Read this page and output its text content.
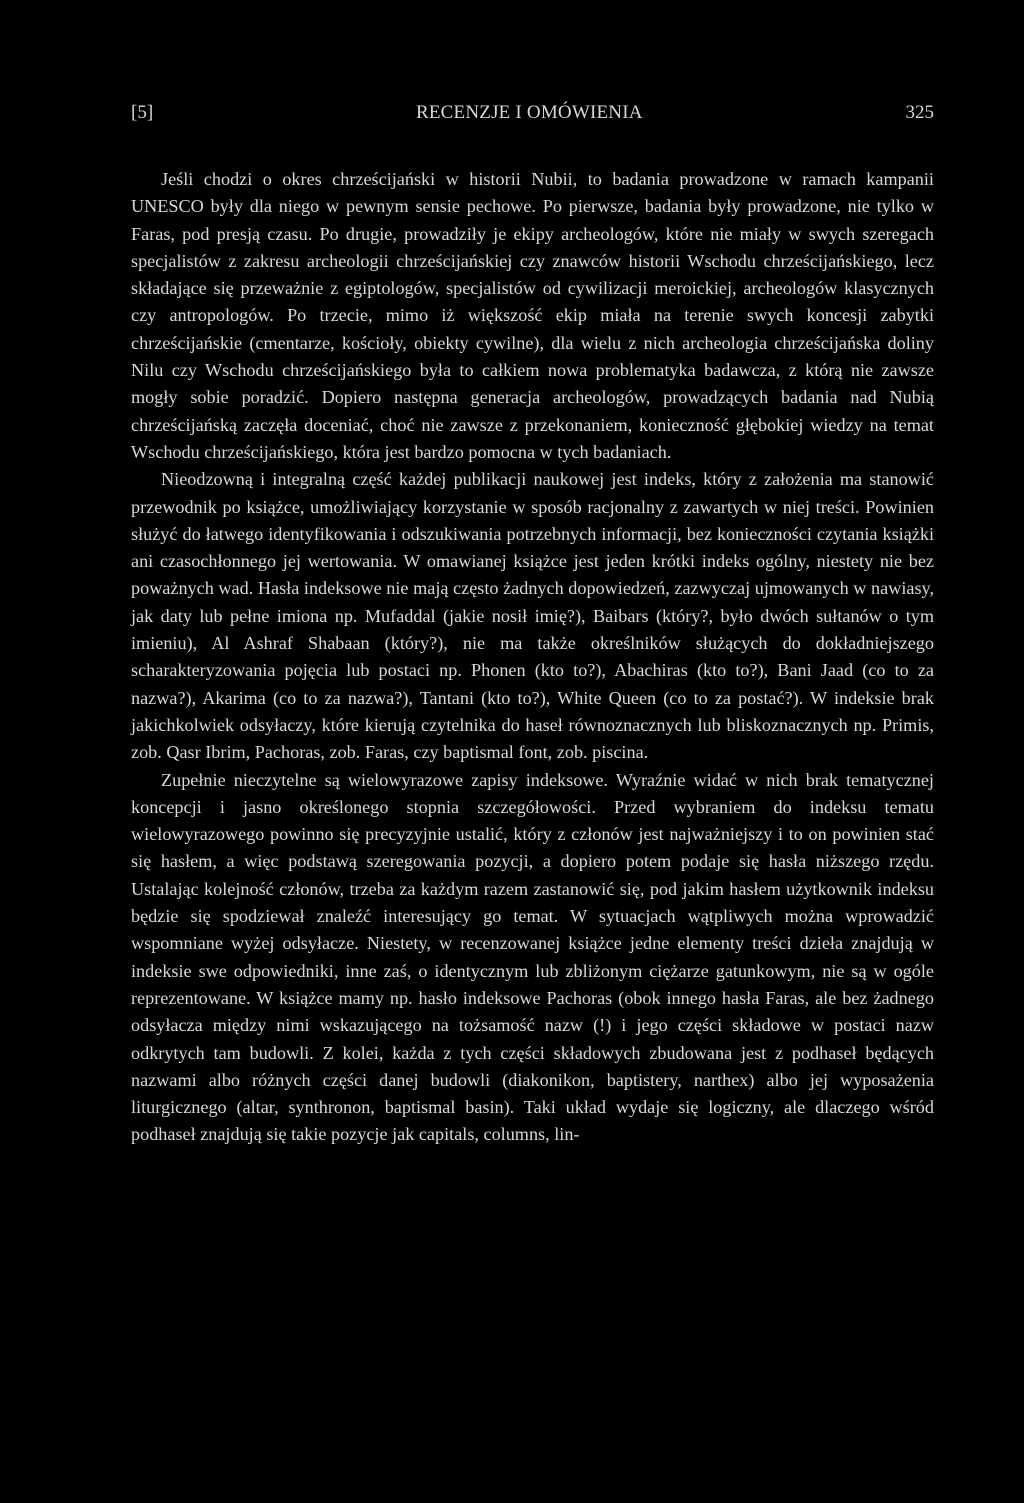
[5]	RECENZJE I OMÓWIENIA	325

Jeśli chodzi o okres chrześcijański w historii Nubii, to badania prowadzone w ramach kampanii UNESCO były dla niego w pewnym sensie pechowe. Po pierwsze, badania były prowadzone, nie tylko w Faras, pod presją czasu. Po drugie, prowadziły je ekipy archeologów, które nie miały w swych szeregach specjalistów z zakresu archeologii chrześcijańskiej czy znawców historii Wschodu chrześcijańskiego, lecz składające się przeważnie z egiptologów, specjalistów od cywilizacji meroickiej, archeologów klasycznych czy antropologów. Po trzecie, mimo iż większość ekip miała na terenie swych koncesji zabytki chrześcijańskie (cmentarze, kościoły, obiekty cywilne), dla wielu z nich archeologia chrześcijańska doliny Nilu czy Wschodu chrześcijańskiego była to całkiem nowa problematyka badawcza, z którą nie zawsze mogły sobie poradzić. Dopiero następna generacja archeologów, prowadzących badania nad Nubią chrześcijańską zaczęła doceniać, choć nie zawsze z przekonaniem, konieczność głębokiej wiedzy na temat Wschodu chrześcijańskiego, która jest bardzo pomocna w tych badaniach.

Nieodzowną i integralną część każdej publikacji naukowej jest indeks, który z założenia ma stanowić przewodnik po książce, umożliwiający korzystanie w sposób racjonalny z zawartych w niej treści. Powinien służyć do łatwego identyfikowania i odszukiwania potrzebnych informacji, bez konieczności czytania książki ani czasochłonnego jej wertowania. W omawianej książce jest jeden krótki indeks ogólny, niestety nie bez poważnych wad. Hasła indeksowe nie mają często żadnych dopowiedzeń, zazwyczaj ujmowanych w nawiasy, jak daty lub pełne imiona np. Mufaddal (jakie nosił imię?), Baibars (który?, było dwóch sułtanów o tym imieniu), Al Ashraf Shabaan (który?), nie ma także określników służących do dokładniejszego scharakteryzowania pojęcia lub postaci np. Phonen (kto to?), Abachiras (kto to?), Bani Jaad (co to za nazwa?), Akarima (co to za nazwa?), Tantani (kto to?), White Queen (co to za postać?). W indeksie brak jakichkolwiek odsyłaczy, które kierują czytelnika do haseł równoznacznych lub bliskoznacznych np. Primis, zob. Qasr Ibrim, Pachoras, zob. Faras, czy baptismal font, zob. piscina.

Zupełnie nieczytelne są wielowyrazowe zapisy indeksowe. Wyraźnie widać w nich brak tematycznej koncepcji i jasno określonego stopnia szczegółowości. Przed wybraniem do indeksu tematu wielowyrazowego powinno się precyzyjnie ustalić, który z członów jest najważniejszy i to on powinien stać się hasłem, a więc podstawą szeregowania pozycji, a dopiero potem podaje się hasła niższego rzędu. Ustalając kolejność członów, trzeba za każdym razem zastanowić się, pod jakim hasłem użytkownik indeksu będzie się spodziewał znaleźć interesujący go temat. W sytuacjach wątpliwych można wprowadzić wspomniane wyżej odsyłacze. Niestety, w recenzowanej książce jedne elementy treści dzieła znajdują w indeksie swe odpowiedniki, inne zaś, o identycznym lub zbliżonym ciężarze gatunkowym, nie są w ogóle reprezentowane. W książce mamy np. hasło indeksowe Pachoras (obok innego hasła Faras, ale bez żadnego odsyłacza między nimi wskazującego na tożsamość nazw (!) i jego części składowe w postaci nazw odkrytych tam budowli. Z kolei, każda z tych części składowych zbudowana jest z podhaseł będących nazwami albo różnych części danej budowli (diakonikon, baptistery, narthex) albo jej wyposażenia liturgicznego (altar, synthronon, baptismal basin). Taki układ wydaje się logiczny, ale dlaczego wśród podhaseł znajdują się takie pozycje jak capitals, columns, lin-
